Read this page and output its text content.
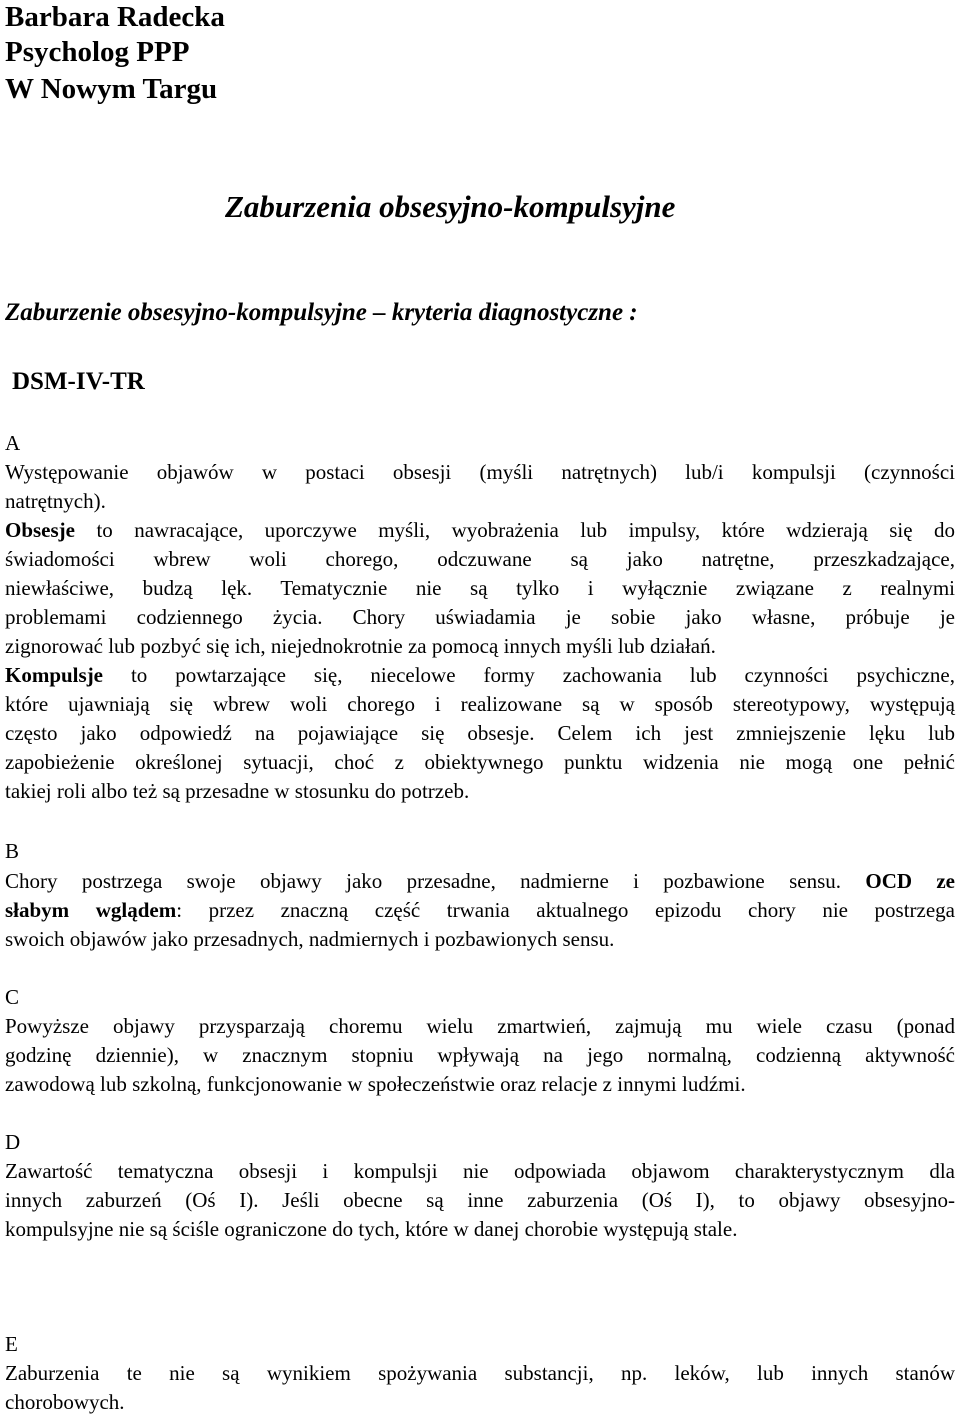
Barbara Radecka

Psycholog PPP

W Nowym Targu

Zaburzenia obsesyjno-kompulsyjne
Zaburzenie obsesyjno-kompulsyjne – kryteria diagnostyczne :
DSM-IV-TR

A

Występowanie objawów w postaci obsesji (myśli natrętnych) lub/i kompulsji (czynności
natrętnych).
Obsesje to nawracające, uporczywe myśli, wyobrażenia lub impulsy, które wdzierają się do
świadomości wbrew woli chorego, odczuwane są jako natrętne, przeszkadzające,
niewłaściwe, budzą lęk. Tematycznie nie są tylko i wyłącznie związane z realnymi
problemami codziennego życia. Chory uświadamia je sobie jako własne, próbuje je
zignorować lub pozbyć się ich, niejednokrotnie za pomocą innych myśli lub działań.
Kompulsje to powtarzające się, niecelowe formy zachowania lub czynności psychiczne,
które ujawniają się wbrew woli chorego i realizowane są w sposób stereotypowy, występują
często jako odpowiedź na pojawiające się obsesje. Celem ich jest zmniejszenie lęku lub
zapobieżenie określonej sytuacji, choć z obiektywnego punktu widzenia nie mogą one pełnić
takiej roli albo też są przesadne w stosunku do potrzeb.

B

Chory postrzega swoje objawy jako przesadne, nadmierne i pozbawione sensu. OCD ze
słabym wglądem: przez znaczną część trwania aktualnego epizodu chory nie postrzega
swoich objawów jako przesadnych, nadmiernych i pozbawionych sensu.

C

Powyższe objawy przysparzają choremu wielu zmartwień, zajmują mu wiele czasu (ponad
godzinę dziennie), w znacznym stopniu wpływają na jego normalną, codzienną aktywność
zawodową lub szkolną, funkcjonowanie w społeczeństwie oraz relacje z innymi ludźmi.

D

Zawartość tematyczna obsesji i kompulsji nie odpowiada objawom charakterystycznym dla
innych zaburzeń (Oś I). Jeśli obecne są inne zaburzenia (Oś I), to objawy obsesyjno-
kompulsyjne nie są ściśle ograniczone do tych, które w danej chorobie występują stale.

E

Zaburzenia te nie są wynikiem spożywania substancji, np. leków, lub innych stanów
chorobowych.
